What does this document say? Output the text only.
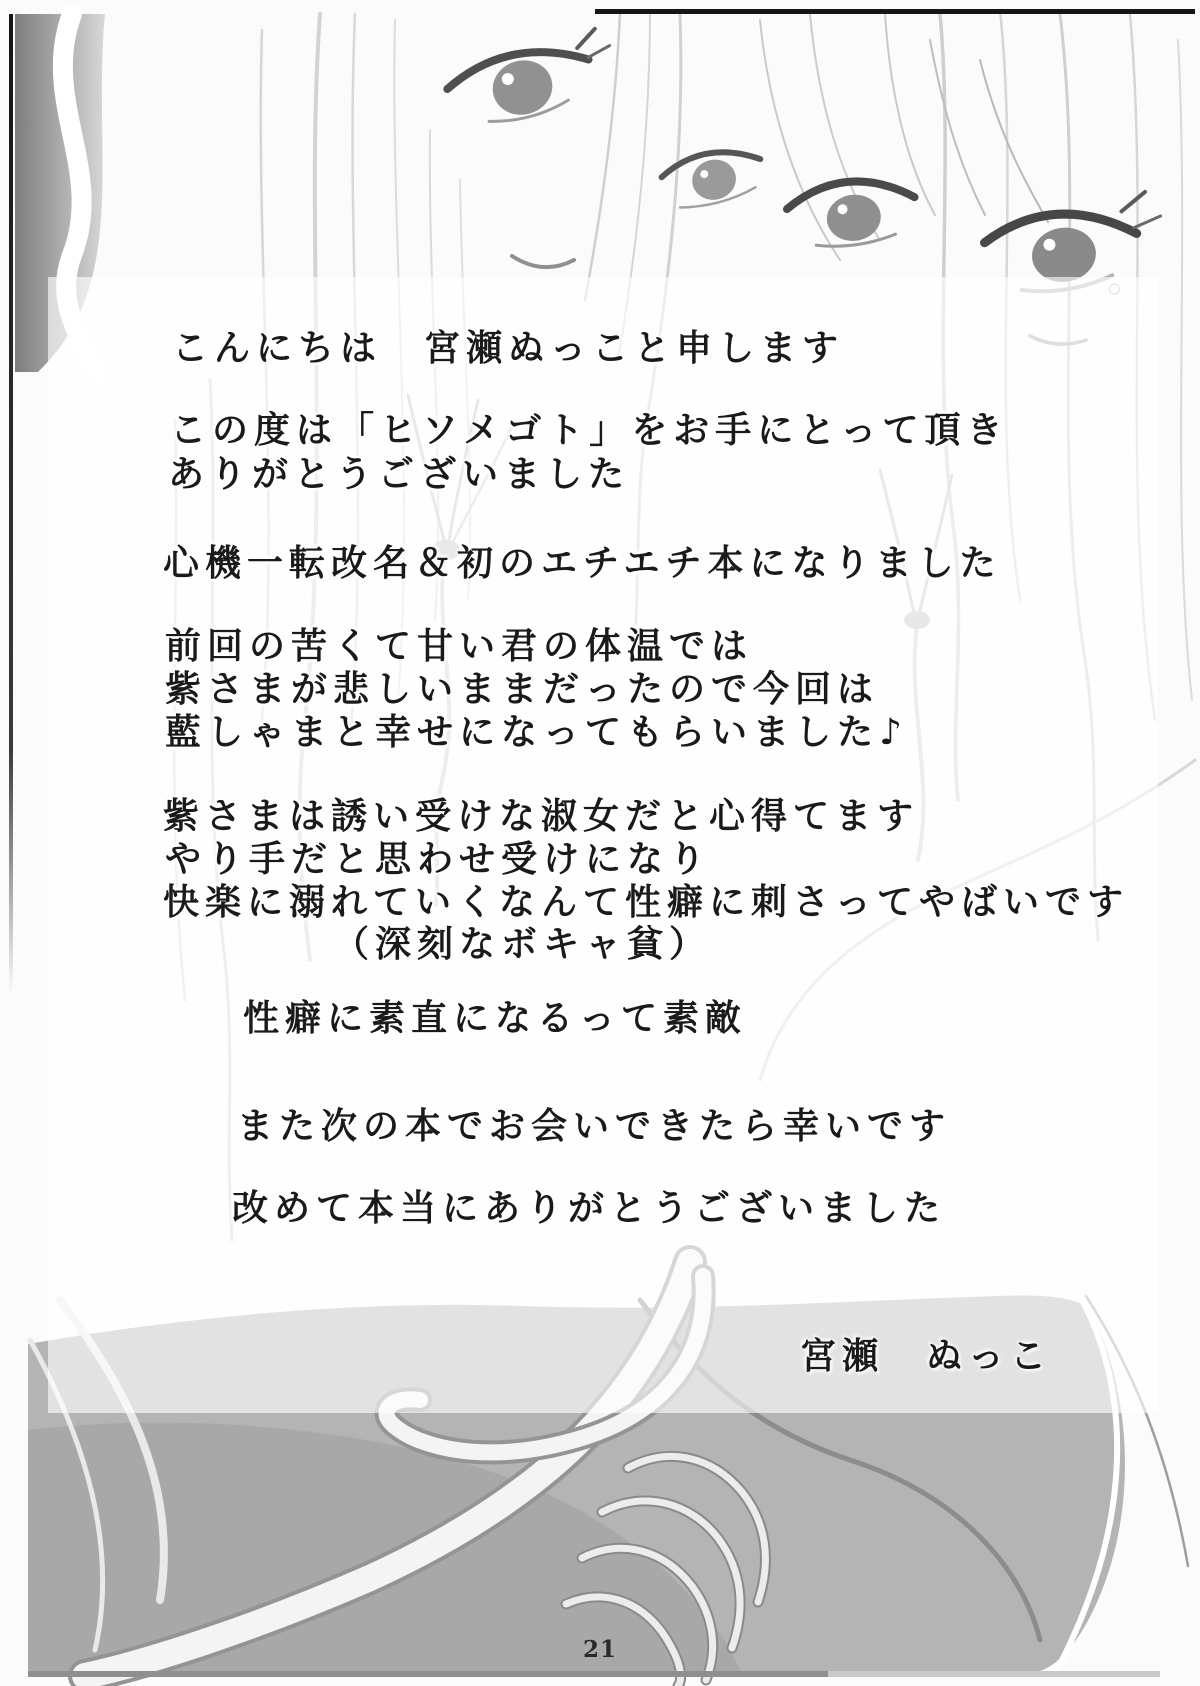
こんにちは　宮瀬ぬっこと申します
この度は「ヒソメゴト」をお手にとって頂き
ありがとうございました
心機一転改名＆初のエチエチ本になりました
前回の苦くて甘い君の体温では
紫さまが悲しいままだったので今回は
藍しゃまと幸せになってもらいました♪
紫さまは誘い受けな淑女だと心得てます
やり手だと思わせ受けになり
快楽に溺れていくなんて性癖に刺さってやばいです
（深刻なボキャ貧）
性癖に素直になるって素敵
また次の本でお会いできたら幸いです
改めて本当にありがとうございました
宮瀬　ぬっこ
21
